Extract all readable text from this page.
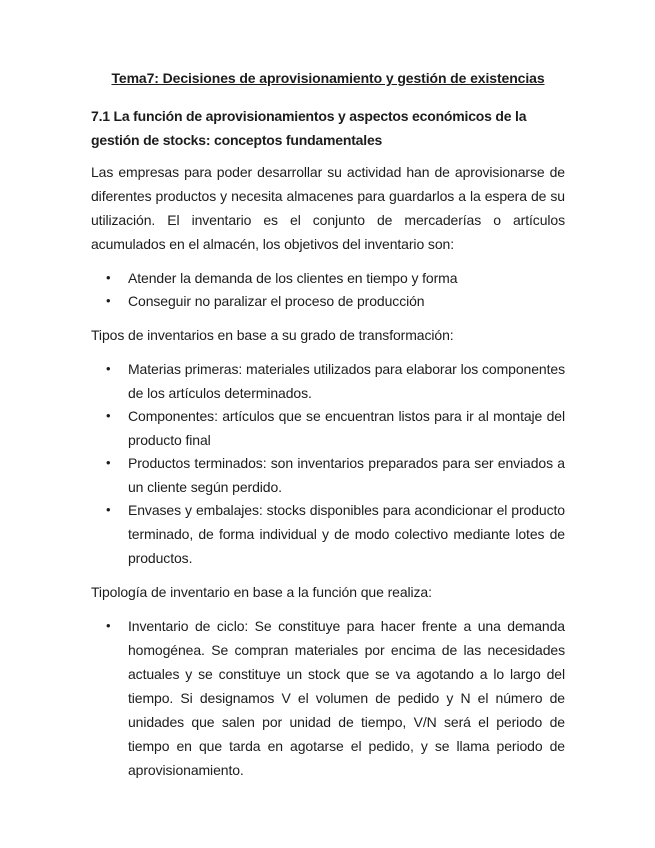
Tema7: Decisiones de aprovisionamiento y gestión de existencias
7.1 La función de aprovisionamientos y aspectos económicos de la gestión de stocks: conceptos fundamentales

Las empresas para poder desarrollar su actividad han de aprovisionarse de diferentes productos y necesita almacenes para guardarlos a la espera de su utilización. El inventario es el conjunto de mercaderías o artículos acumulados en el almacén, los objetivos del inventario son:

• Atender la demanda de los clientes en tiempo y forma
• Conseguir no paralizar el proceso de producción

Tipos de inventarios en base a su grado de transformación:

• Materias primeras: materiales utilizados para elaborar los componentes de los artículos determinados.
• Componentes: artículos que se encuentran listos para ir al montaje del producto final
• Productos terminados: son inventarios preparados para ser enviados a un cliente según perdido.
• Envases y embalajes: stocks disponibles para acondicionar el producto terminado, de forma individual y de modo colectivo mediante lotes de productos.

Tipología de inventario en base a la función que realiza:

• Inventario de ciclo: Se constituye para hacer frente a una demanda homogénea. Se compran materiales por encima de las necesidades actuales y se constituye un stock que se va agotando a lo largo del tiempo. Si designamos V el volumen de pedido y N el número de unidades que salen por unidad de tiempo, V/N será el periodo de tiempo en que tarda en agotarse el pedido, y se llama periodo de aprovisionamiento.
